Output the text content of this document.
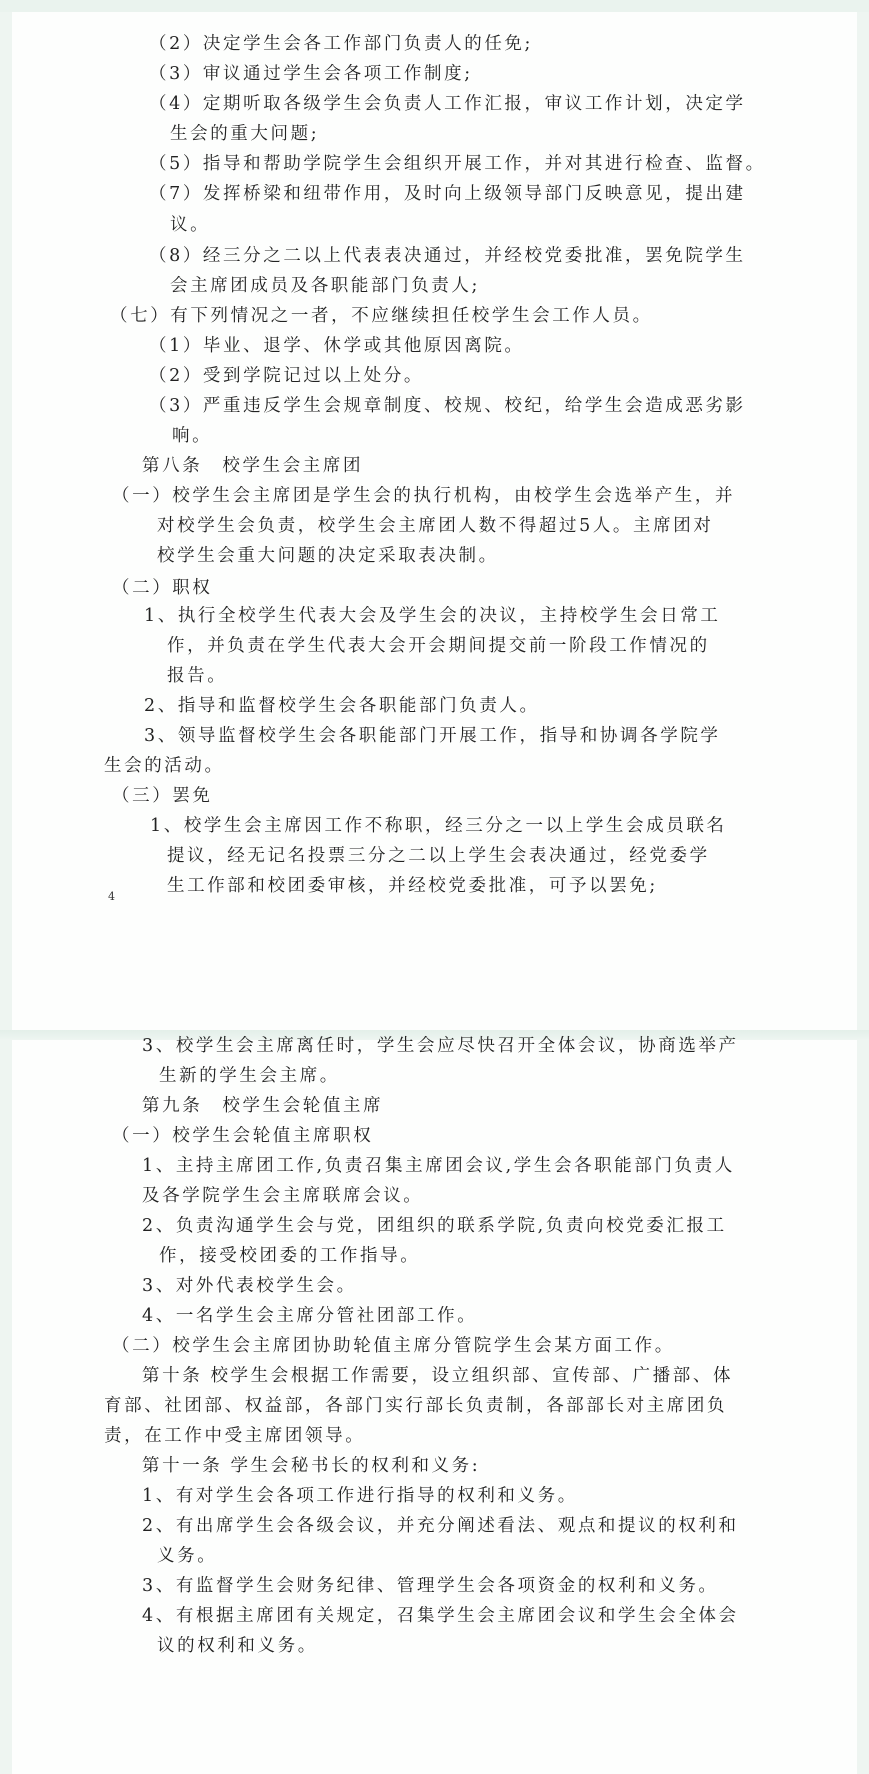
（2）决定学生会各工作部门负责人的任免;
（3）审议通过学生会各项工作制度;
（4）定期听取各级学生会负责人工作汇报，审议工作计划，决定学
生会的重大问题;
（5）指导和帮助学院学生会组织开展工作，并对其进行检查、监督。
（7）发挥桥梁和纽带作用，及时向上级领导部门反映意见，提出建
议。
（8）经三分之二以上代表表决通过，并经校党委批准，罢免院学生
会主席团成员及各职能部门负责人;
（七）有下列情况之一者，不应继续担任校学生会工作人员。
（1）毕业、退学、休学或其他原因离院。
（2）受到学院记过以上处分。
（3）严重违反学生会规章制度、校规、校纪，给学生会造成恶劣影
响。
第八条　校学生会主席团
（一）校学生会主席团是学生会的执行机构，由校学生会选举产生，并
对校学生会负责，校学生会主席团人数不得超过5人。主席团对
校学生会重大问题的决定采取表决制。
（二）职权
1、执行全校学生代表大会及学生会的决议，主持校学生会日常工
作，并负责在学生代表大会开会期间提交前一阶段工作情况的
报告。
2、指导和监督校学生会各职能部门负责人。
3、领导监督校学生会各职能部门开展工作，指导和协调各学院学
生会的活动。
（三）罢免
1、校学生会主席因工作不称职，经三分之一以上学生会成员联名
提议，经无记名投票三分之二以上学生会表决通过，经党委学
生工作部和校团委审核，并经校党委批准，可予以罢免;
4
3、校学生会主席离任时，学生会应尽快召开全体会议，协商选举产
生新的学生会主席。
第九条　校学生会轮值主席
（一）校学生会轮值主席职权
1、主持主席团工作,负责召集主席团会议,学生会各职能部门负责人
及各学院学生会主席联席会议。
2、负责沟通学生会与党，团组织的联系学院,负责向校党委汇报工
作，接受校团委的工作指导。
3、对外代表校学生会。
4、一名学生会主席分管社团部工作。
（二）校学生会主席团协助轮值主席分管院学生会某方面工作。
第十条 校学生会根据工作需要，设立组织部、宣传部、广播部、体
育部、社团部、权益部，各部门实行部长负责制，各部部长对主席团负
责，在工作中受主席团领导。
第十一条 学生会秘书长的权利和义务:
1、有对学生会各项工作进行指导的权利和义务。
2、有出席学生会各级会议，并充分阐述看法、观点和提议的权利和
义务。
3、有监督学生会财务纪律、管理学生会各项资金的权利和义务。
4、有根据主席团有关规定，召集学生会主席团会议和学生会全体会
议的权利和义务。
